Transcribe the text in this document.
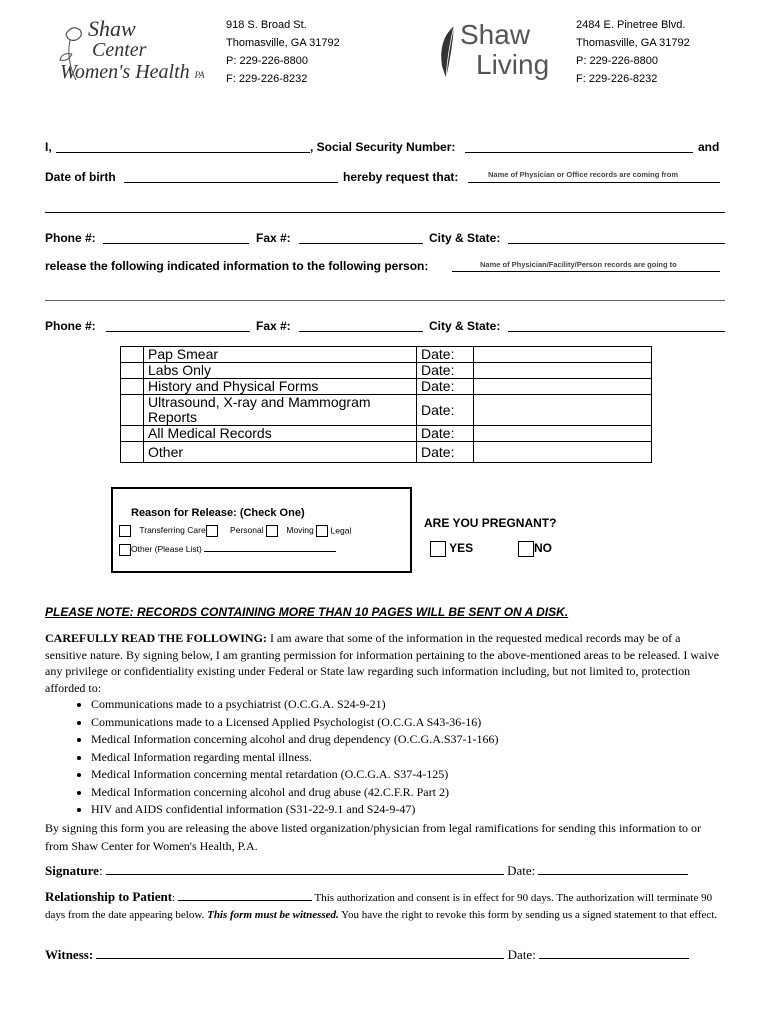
Shaw
Center
Women's Health PA
918 S. Broad St.
Thomasville, GA 31792
P: 229-226-8800
F: 229-226-8232
Shaw
Living
2484 E. Pinetree Blvd.
Thomasville, GA 31792
P: 229-226-8800
F: 229-226-8232
I,	, Social Security Number:	and
Date of birth	hereby request that:	Name of Physician or Office records are coming from
Phone #:	Fax #:	City & State:
release the following indicated information to the following person:	Name of Physician/Facility/Person records are going to
Phone #:	Fax #:	City & State:
	Pap Smear	Date:	
	Labs Only	Date:	
	History and Physical Forms	Date:	
	Ultrasound, X-ray and Mammogram Reports	Date:	
	All Medical Records	Date:	
	Other	Date:	
Reason for Release: (Check One)
Transferring Care	Personal	Moving Legal
Other (Please List)
ARE YOU PREGNANT?
YES	NO
PLEASE NOTE: RECORDS CONTAINING MORE THAN 10 PAGES WILL BE SENT ON A DISK.
CAREFULLY READ THE FOLLOWING: I am aware that some of the information in the requested medical records may be of a sensitive nature. By signing below, I am granting permission for information pertaining to the above-mentioned areas to be released. I waive any privilege or confidentiality existing under Federal or State law regarding such information including, but not limited to, protection afforded to:
• Communications made to a psychiatrist (O.C.G.A. S24-9-21)
• Communications made to a Licensed Applied Psychologist (O.C.G.A S43-36-16)
• Medical Information concerning alcohol and drug dependency (O.C.G.A.S37-1-166)
• Medical Information regarding mental illness.
• Medical Information concerning mental retardation (O.C.G.A. S37-4-125)
• Medical Information concerning alcohol and drug abuse (42.C.F.R. Part 2)
• HIV and AIDS confidential information (S31-22-9.1 and S24-9-47)
By signing this form you are releasing the above listed organization/physician from legal ramifications for sending this information to or from Shaw Center for Women's Health, P.A.
Signature:	Date:
Relationship to Patient:	This authorization and consent is in effect for 90 days. The authorization will terminate 90 days from the date appearing below. This form must be witnessed. You have the right to revoke this form by sending us a signed statement to that effect.
Witness:	Date:
